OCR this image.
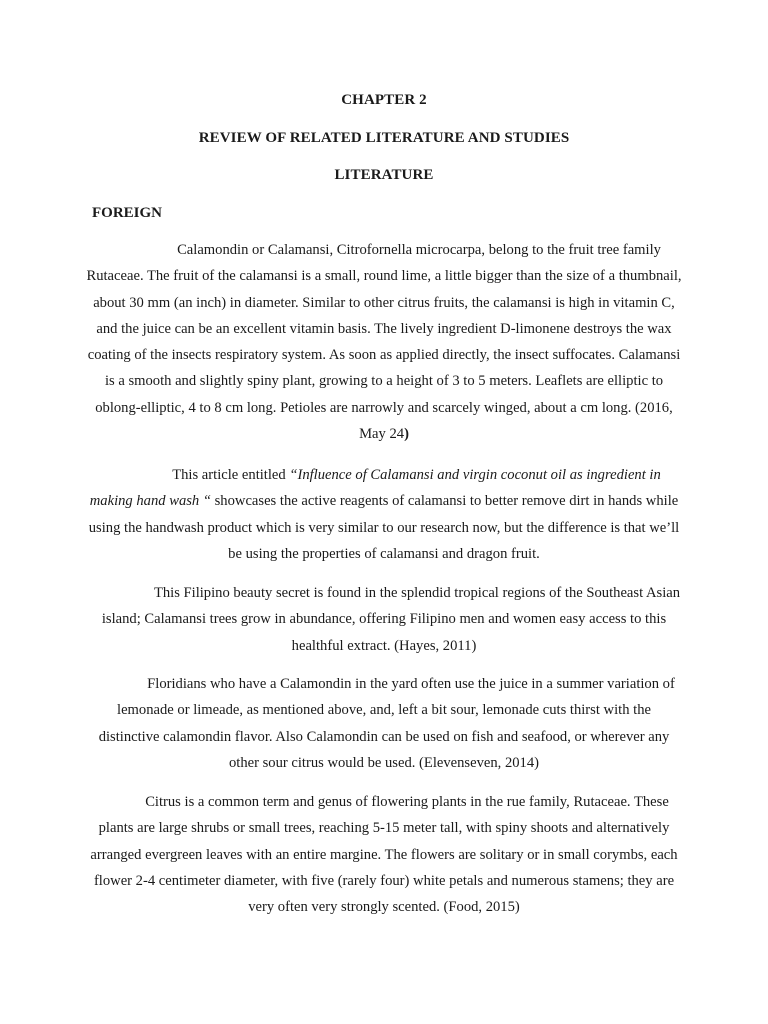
CHAPTER 2
REVIEW OF RELATED LITERATURE AND STUDIES
LITERATURE
FOREIGN

Calamondin or Calamansi, Citrofornella microcarpa, belong to the fruit tree family Rutaceae. The fruit of the calamansi is a small, round lime, a little bigger than the size of a thumbnail, about 30 mm (an inch) in diameter. Similar to other citrus fruits, the calamansi is high in vitamin C, and the juice can be an excellent vitamin basis. The lively ingredient D-limonene destroys the wax coating of the insects respiratory system. As soon as applied directly, the insect suffocates. Calamansi is a smooth and slightly spiny plant, growing to a height of 3 to 5 meters. Leaflets are elliptic to oblong-elliptic, 4 to 8 cm long. Petioles are narrowly and scarcely winged, about a cm long. (2016, May 24)

This article entitled “Influence of Calamansi and virgin coconut oil as ingredient in making hand wash “ showcases the active reagents of calamansi to better remove dirt in hands while using the handwash product which is very similar to our research now, but the difference is that we’ll be using the properties of calamansi and dragon fruit.

This Filipino beauty secret is found in the splendid tropical regions of the Southeast Asian island; Calamansi trees grow in abundance, offering Filipino men and women easy access to this healthful extract. (Hayes, 2011)

Floridians who have a Calamondin in the yard often use the juice in a summer variation of lemonade or limeade, as mentioned above, and, left a bit sour, lemonade cuts thirst with the distinctive calamondin flavor. Also Calamondin can be used on fish and seafood, or wherever any other sour citrus would be used. (Elevenseven, 2014)

Citrus is a common term and genus of flowering plants in the rue family, Rutaceae. These plants are large shrubs or small trees, reaching 5-15 meter tall, with spiny shoots and alternatively arranged evergreen leaves with an entire margine. The flowers are solitary or in small corymbs, each flower 2-4 centimeter diameter, with five (rarely four) white petals and numerous stamens; they are very often very strongly scented. (Food, 2015)
